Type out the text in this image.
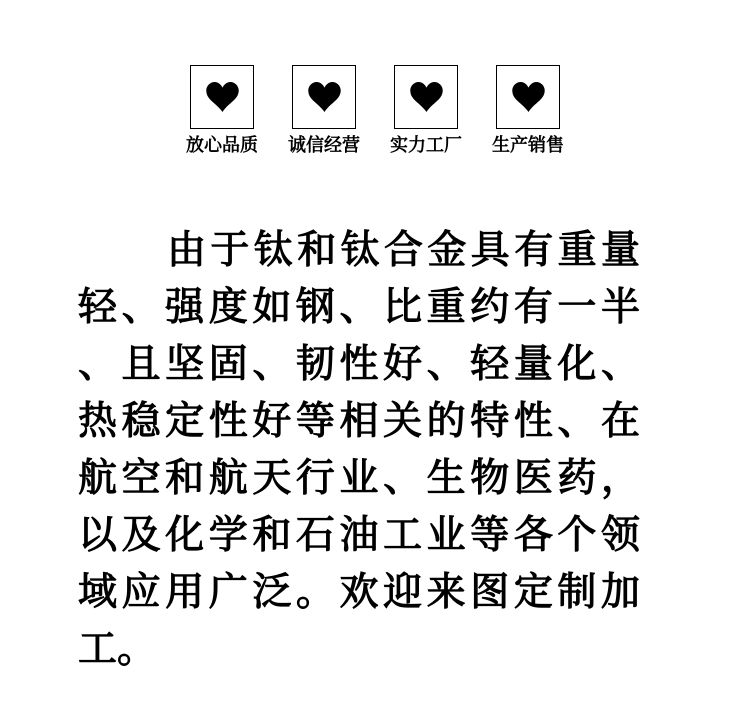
放心品质 诚信经营 实力工厂 生产销售
由于钛和钛合金具有重量
轻、强度如钢、比重约有一半
、且坚固、韧性好、轻量化、
热稳定性好等相关的特性、在
航空和航天行业、生物医药，
以及化学和石油工业等各个领
域应用广泛。欢迎来图定制加
工。
